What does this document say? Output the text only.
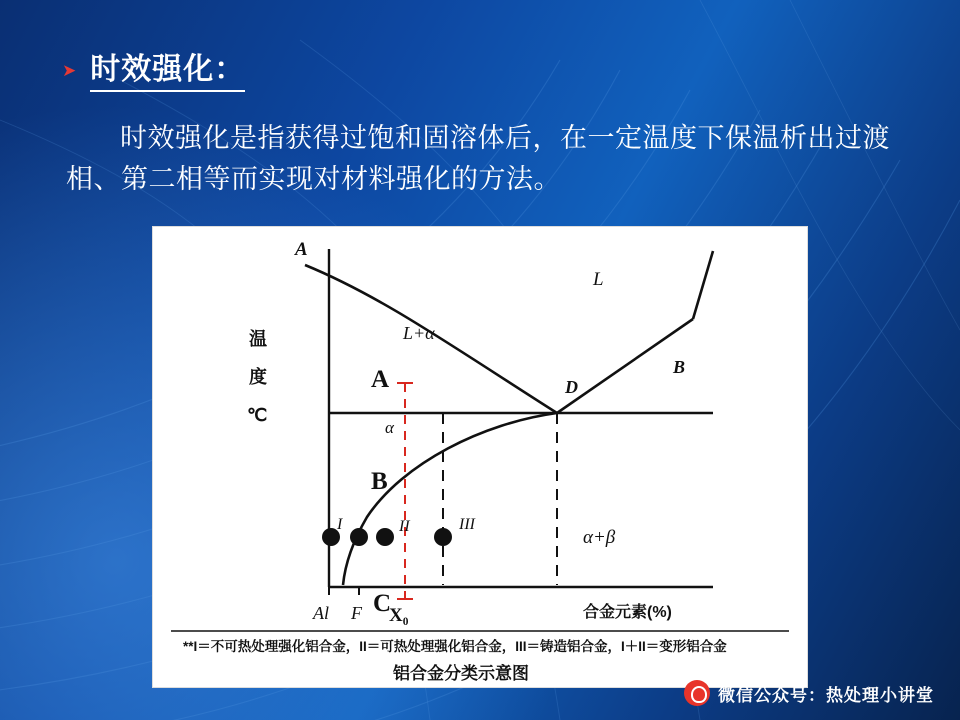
➤ 时效强化：
时效强化是指获得过饱和固溶体后，在一定温度下保温析出过渡相、第二相等而实现对材料强化的方法。
A
L
L+α
D
B
α
α+β
A
B
C
I	II	III
Al F X₀	合金元素(%)
温
度
℃
**I＝不可热处理强化铝合金，II＝可热处理强化铝合金，III＝铸造铝合金，I＋II＝变形铝合金
铝合金分类示意图
微信公众号：热处理小讲堂
